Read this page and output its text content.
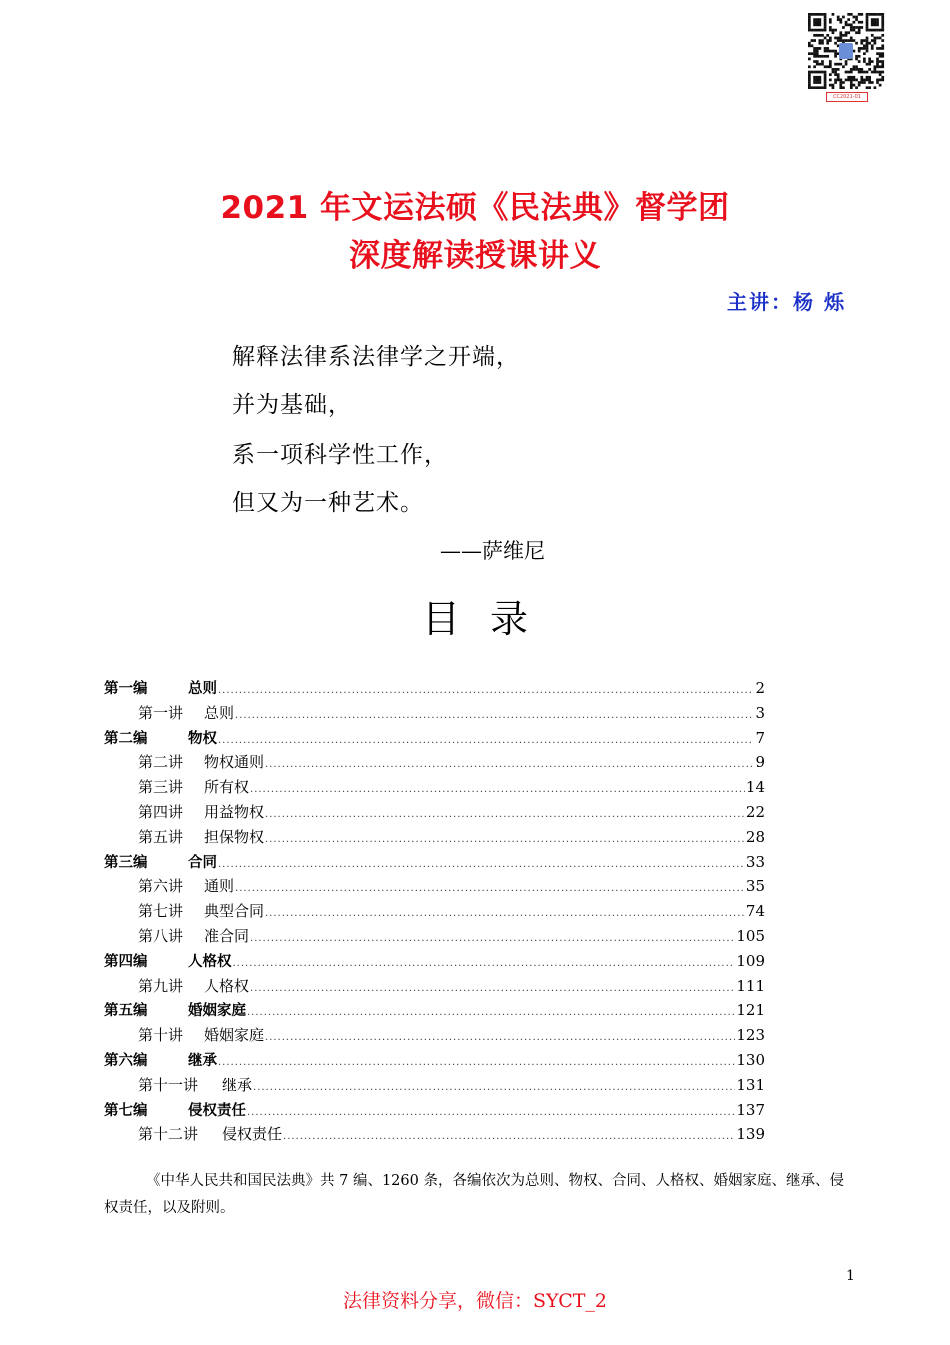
CC2021-01
2021 年文运法硕《民法典》督学团
深度解读授课讲义
主讲：杨 烁
解释法律系法律学之开端，
并为基础，
系一项科学性工作，
但又为一种艺术。
——萨维尼
目录
第一编	总则 .....	2
第一讲	总则 .....	3
第二编	物权 .....	7
第二讲	物权通则 .....	9
第三讲	所有权 .....	14
第四讲	用益物权 .....	22
第五讲	担保物权 .....	28
第三编	合同 .....	33
第六讲	通则 .....	35
第七讲	典型合同 .....	74
第八讲	准合同 .....	105
第四编	人格权 .....	109
第九讲	人格权 .....	111
第五编	婚姻家庭 .....	121
第十讲	婚姻家庭 .....	123
第六编	继承 .....	130
第十一讲	继承 .....	131
第七编	侵权责任 .....	137
第十二讲	侵权责任 .....	139
《中华人民共和国民法典》共 7 编、1260 条，各编依次为总则、物权、合同、人格权、婚姻家庭、继承、侵权责任，以及附则。
1
法律资料分享，微信：SYCT_2
